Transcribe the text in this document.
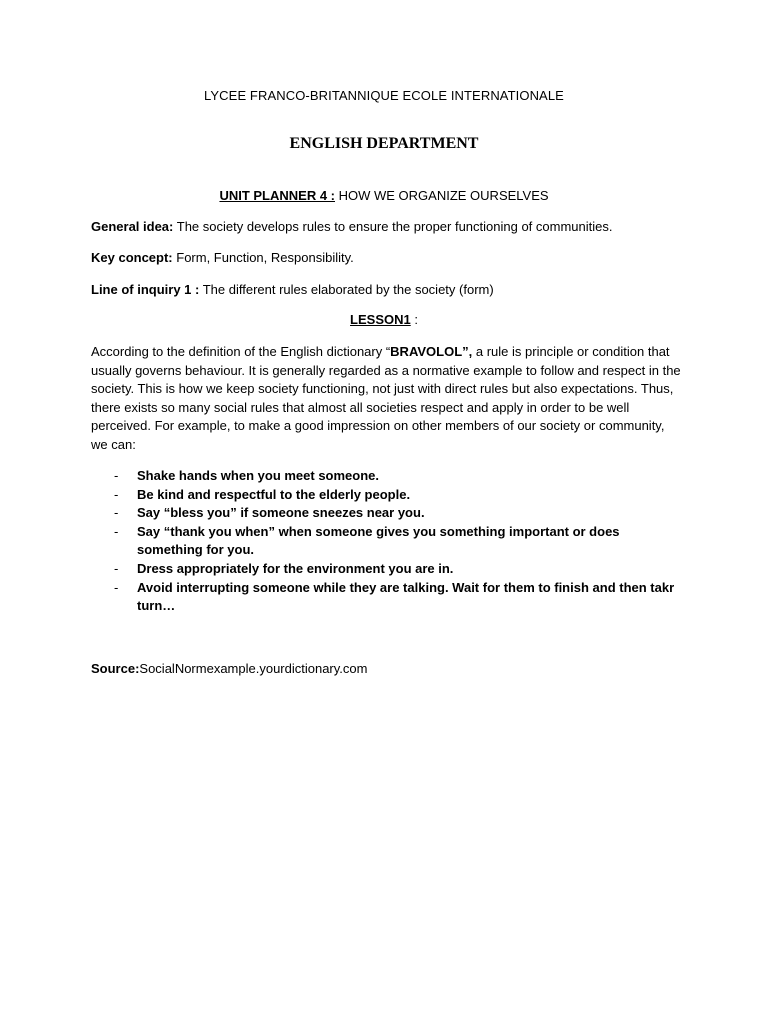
LYCEE FRANCO-BRITANNIQUE ECOLE INTERNATIONALE
ENGLISH DEPARTMENT
UNIT PLANNER 4 : HOW WE ORGANIZE OURSELVES
General idea: The society develops rules to ensure the proper functioning of communities.
Key concept: Form, Function, Responsibility.
Line of inquiry 1 : The different rules elaborated by the society (form)
LESSON1 :
According to the definition of the English dictionary “BRAVOLOL”, a rule is principle or condition that usually governs behaviour. It is generally regarded as a normative example to follow and respect in the society. This is how we keep society functioning, not just with direct rules but also expectations. Thus, there exists so many social rules that almost all societies respect and apply in order to be well perceived. For example, to make a good impression on other members of our society or community, we can:
- Shake hands when you meet someone.
- Be kind and respectful to the elderly people.
- Say “bless you” if someone sneezes near you.
- Say “thank you when” when someone gives you something important or does something for you.
- Dress appropriately for the environment you are in.
- Avoid interrupting someone while they are talking. Wait for them to finish and then takr turn…
Source:SocialNormexample.yourdictionary.com
